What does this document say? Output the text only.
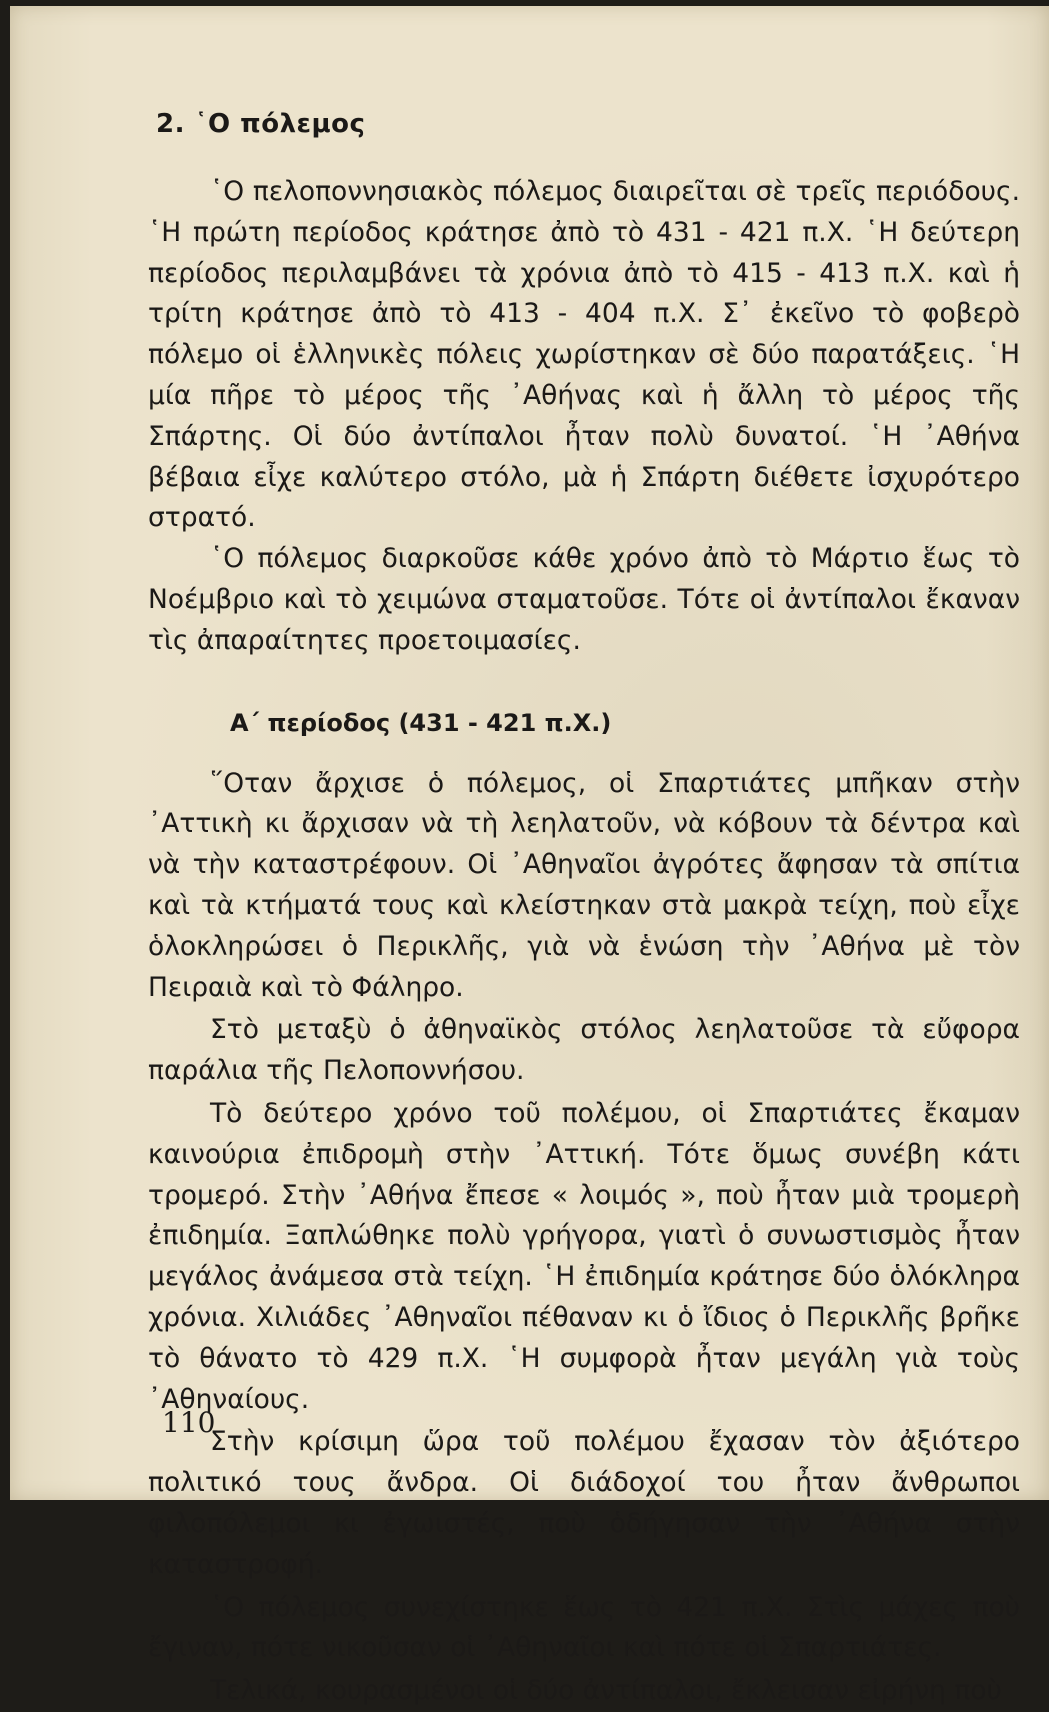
2. ῾Ο πόλεμος

῾Ο πελοποννησιακὸς πόλεμος διαιρεῖται σὲ τρεῖς περιόδους. ῾Η πρώτη περίοδος κράτησε ἀπὸ τὸ 431 - 421 π.Χ. ῾Η δεύτερη περίοδος περιλαμβάνει τὰ χρόνια ἀπὸ τὸ 415 - 413 π.Χ. καὶ ἡ τρίτη κράτησε ἀπὸ τὸ 413 - 404 π.Χ. Σ᾽ ἐκεῖνο τὸ φοβερὸ πόλεμο οἱ ἑλληνικὲς πόλεις χωρίστηκαν σὲ δύο παρατάξεις. ῾Η μία πῆρε τὸ μέρος τῆς ᾿Αθήνας καὶ ἡ ἄλλη τὸ μέρος τῆς Σπάρτης. Οἱ δύο ἀντίπαλοι ἦταν πολὺ δυνατοί. ῾Η ᾿Αθήνα βέβαια εἶχε καλύτερο στόλο, μὰ ἡ Σπάρτη διέθετε ἰσχυρότερο στρατό.

῾Ο πόλεμος διαρκοῦσε κάθε χρόνο ἀπὸ τὸ Μάρτιο ἕως τὸ Νοέμβριο καὶ τὸ χειμώνα σταματοῦσε. Τότε οἱ ἀντίπαλοι ἔκαναν τὶς ἀπαραίτητες προετοιμασίες.

Α΄ περίοδος (431 - 421 π.Χ.)

῞Οταν ἄρχισε ὁ πόλεμος, οἱ Σπαρτιάτες μπῆκαν στὴν ᾿Αττικὴ κι ἄρχισαν νὰ τὴ λεηλατοῦν, νὰ κόβουν τὰ δέντρα καὶ νὰ τὴν καταστρέφουν. Οἱ ᾿Αθηναῖοι ἀγρότες ἄφησαν τὰ σπίτια καὶ τὰ κτήματά τους καὶ κλείστηκαν στὰ μακρὰ τείχη, ποὺ εἶχε ὁλοκληρώσει ὁ Περικλῆς, γιὰ νὰ ἑνώση τὴν ᾿Αθήνα μὲ τὸν Πειραιὰ καὶ τὸ Φάληρο.

Στὸ μεταξὺ ὁ ἀθηναϊκὸς στόλος λεηλατοῦσε τὰ εὔφορα παράλια τῆς Πελοποννήσου.

Τὸ δεύτερο χρόνο τοῦ πολέμου, οἱ Σπαρτιάτες ἔκαμαν καινούρια ἐπιδρομὴ στὴν ᾿Αττική. Τότε ὅμως συνέβη κάτι τρομερό. Στὴν ᾿Αθήνα ἔπεσε « λοιμός », ποὺ ἦταν μιὰ τρομερὴ ἐπιδημία. Ξαπλώθηκε πολὺ γρήγορα, γιατὶ ὁ συνωστισμὸς ἦταν μεγάλος ἀνάμεσα στὰ τείχη. ῾Η ἐπιδημία κράτησε δύο ὁλόκληρα χρόνια. Χιλιάδες ᾿Αθηναῖοι πέθαναν κι ὁ ἴδιος ὁ Περικλῆς βρῆκε τὸ θάνατο τὸ 429 π.Χ. ῾Η συμφορὰ ἦταν μεγάλη γιὰ τοὺς ᾿Αθηναίους.

Στὴν κρίσιμη ὥρα τοῦ πολέμου ἔχασαν τὸν ἀξιότερο πολιτικό τους ἄνδρα. Οἱ διάδοχοί του ἦταν ἄνθρωποι φιλοπόλεμοι κι ἐγωιστές, ποὺ ὁδήγησαν τὴν ᾿Αθήνα στὴν καταστροφή.

῾Ο πόλεμος συνεχίστηκε ἕως τὸ 421 π.Χ. Στὶς μάχες ποὺ ἔγιναν, πότε νικοῦσαν οἱ ᾿Αθηναῖοι καὶ πότε οἱ Σπαρτιάτες.

Τελικά, κουρασμένοι οἱ δύο ἀντίπαλοι, ἔκλεισαν εἰρήνη ποὺ

110
